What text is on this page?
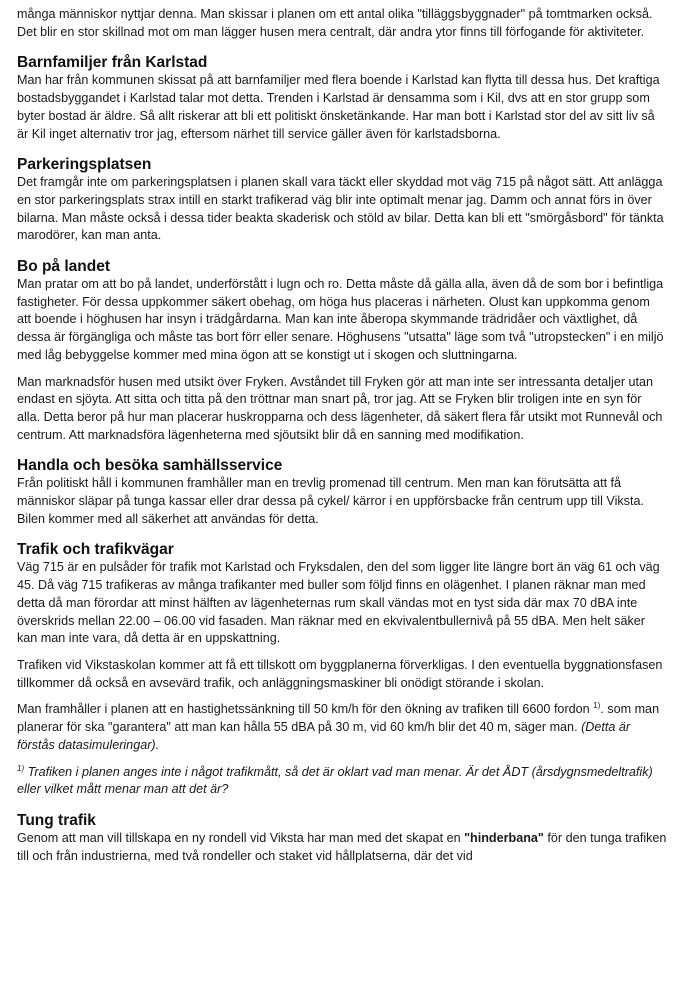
många människor nyttjar denna. Man skissar i planen om ett antal olika "tilläggsbyggnader" på tomtmarken också. Det blir en stor skillnad mot om man lägger husen mera centralt, där andra ytor finns till förfogande för aktiviteter.

Barnfamiljer från Karlstad

Man har från kommunen skissat på att barnfamiljer med flera boende i Karlstad kan flytta till dessa hus. Det kraftiga bostadsbyggandet i Karlstad talar mot detta. Trenden i Karlstad är densamma som i Kil, dvs att en stor grupp som byter bostad är äldre. Så allt riskerar att bli ett politiskt önsketänkande. Har man bott i Karlstad stor del av sitt liv så är Kil inget alternativ tror jag, eftersom närhet till service gäller även för karlstadsborna.

Parkeringsplatsen

Det framgår inte om parkeringsplatsen i planen skall vara täckt eller skyddad mot väg 715 på något sätt. Att anlägga en stor parkeringsplats strax intill en starkt trafikerad väg blir inte optimalt menar jag. Damm och annat förs in över bilarna. Man måste också i dessa tider beakta skaderisk och stöld av bilar. Detta kan bli ett "smörgåsbord" för tänkta marodörer, kan man anta.

Bo på landet

Man pratar om att bo på landet, underförstått i lugn och ro. Detta måste då gälla alla, även då de som bor i befintliga fastigheter. För dessa uppkommer säkert obehag, om höga hus placeras i närheten. Olust kan uppkomma genom att boende i höghusen har insyn i trädgårdarna. Man kan inte åberopa skymmande trädridåer och växtlighet, då dessa är förgängliga och måste tas bort förr eller senare. Höghusens "utsatta" läge som två "utropstecken" i en miljö med låg bebyggelse kommer med mina ögon att se konstigt ut i skogen och sluttningarna.

Man marknadsför husen med utsikt över Fryken. Avståndet till Fryken gör att man inte ser intressanta detaljer utan endast en sjöyta. Att sitta och titta på den tröttnar man snart på, tror jag. Att se Fryken blir troligen inte en syn för alla. Detta beror på hur man placerar huskropparna och dess lägenheter, då säkert flera får utsikt mot Runnevål och centrum. Att marknadsföra lägenheterna med sjöutsikt blir då en sanning med modifikation.

Handla och besöka samhällsservice

Från politiskt håll i kommunen framhåller man en trevlig promenad till centrum. Men man kan förutsätta att få människor släpar på tunga kassar eller drar dessa på cykel/ kärror i en uppförsbacke från centrum upp till Viksta. Bilen kommer med all säkerhet att användas för detta.

Trafik och trafikvägar

Väg 715 är en pulsåder för trafik mot Karlstad och Fryksdalen, den del som ligger lite längre bort än väg 61 och väg 45. Då väg 715 trafikeras av många trafikanter med buller som följd finns en olägenhet. I planen räknar man med detta då man förordar att minst hälften av lägenheternas rum skall vändas mot en tyst sida där max 70 dBA inte överskrids mellan 22.00 – 06.00 vid fasaden. Man räknar med en ekvivalentbullernivå på 55 dBA. Men helt säker kan man inte vara, då detta är en uppskattning.

Trafiken vid Vikstaskolan kommer att få ett tillskott om byggplanerna förverkligas. I den eventuella byggnationsfasen tillkommer då också en avsevärd trafik, och anläggningsmaskiner bli onödigt störande i skolan.

Man framhåller i planen att en hastighetssänkning till 50 km/h för den ökning av trafiken till 6600 fordon $^{1)}$. som man planerar för ska "garantera" att man kan hålla 55 dBA på 30 m, vid 60 km/h blir det 40 m, säger man. (Detta är förstås datasimuleringar).

$^{1)}$ Trafiken i planen anges inte i något trafikmått, så det är oklart vad man menar. Är det ÅDT (årsdygnsmedeltrafik) eller vilket mått menar man att det är?

Tung trafik

Genom att man vill tillskapa en ny rondell vid Viksta har man med det skapat en "hinderbana" för den tunga trafiken till och från industrierna, med två rondeller och staket vid hållplatserna, där det vid
